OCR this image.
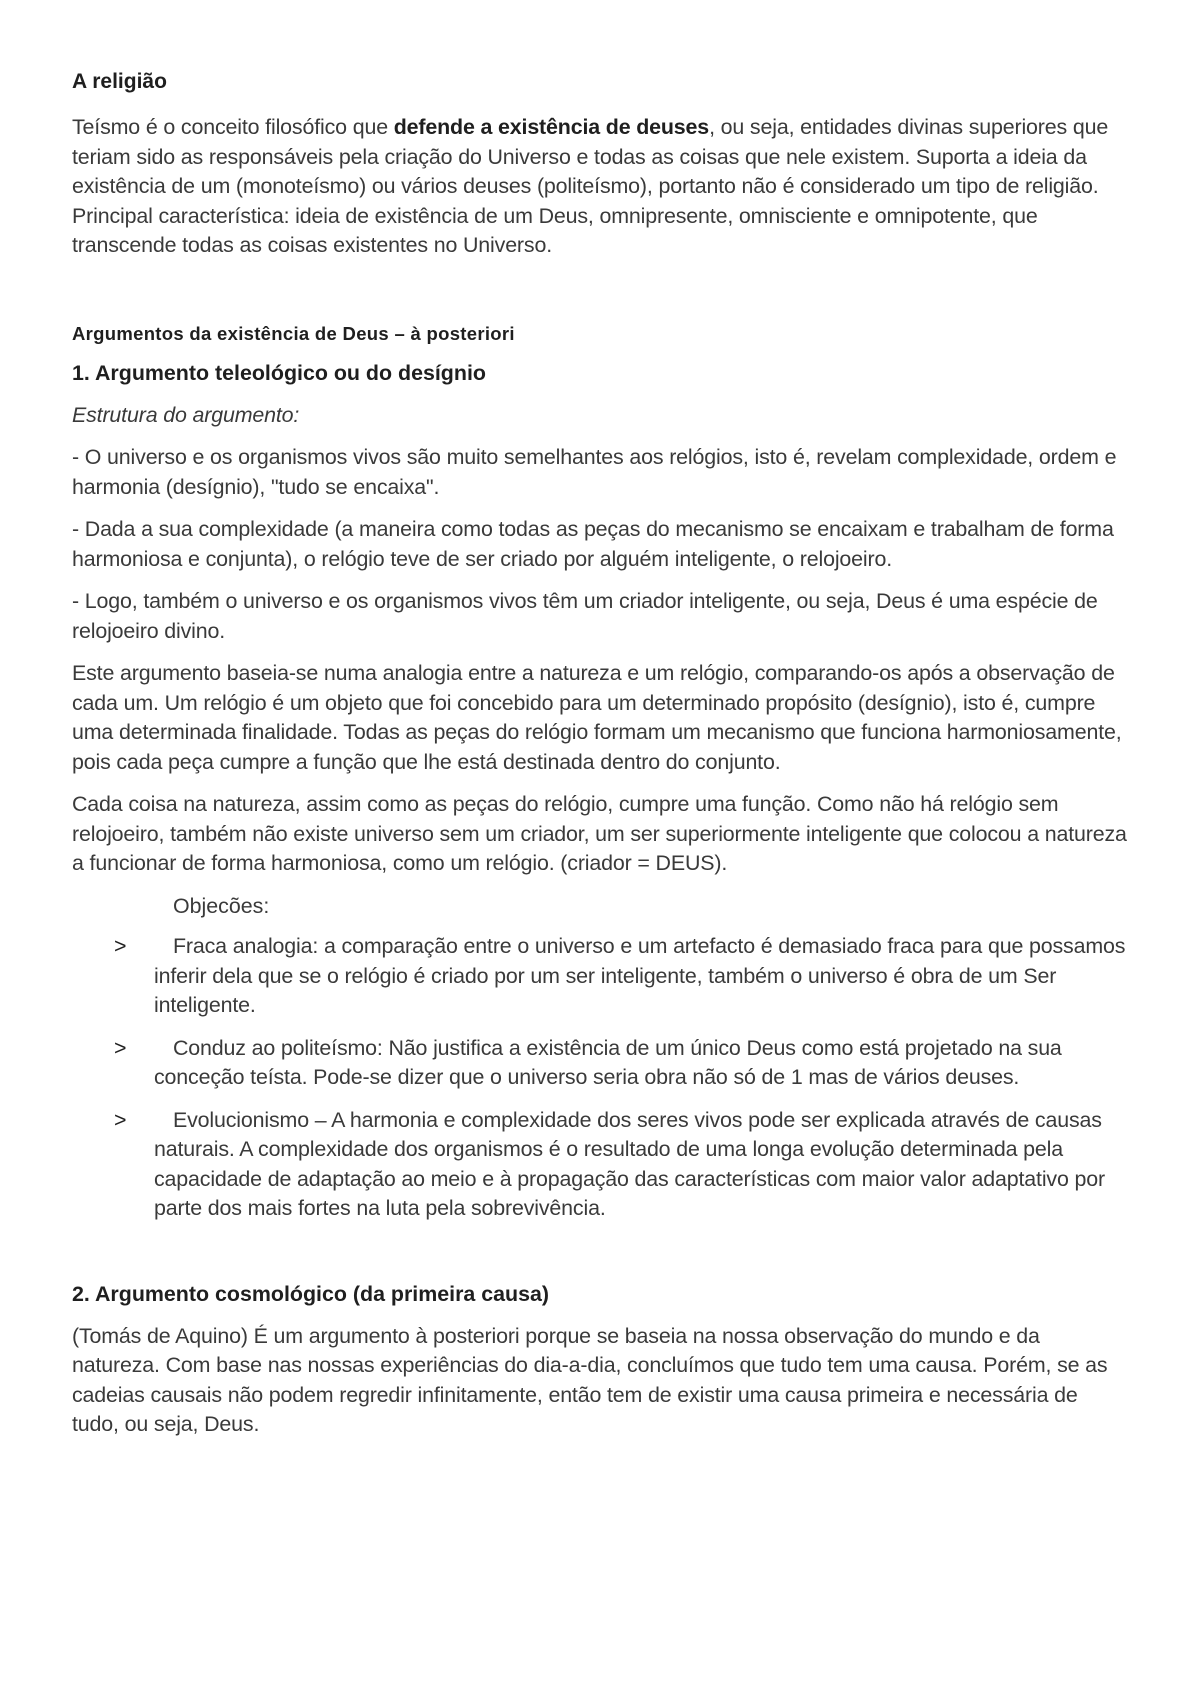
A religião

Teísmo é o conceito filosófico que defende a existência de deuses, ou seja, entidades divinas superiores que teriam sido as responsáveis pela criação do Universo e todas as coisas que nele existem. Suporta a ideia da existência de um (monoteísmo) ou vários deuses (politeísmo), portanto não é considerado um tipo de religião. Principal característica: ideia de existência de um Deus, omnipresente, omnisciente e omnipotente, que transcende todas as coisas existentes no Universo.

Argumentos da existência de Deus – à posteriori
1. Argumento teleológico ou do desígnio

Estrutura do argumento:

- O universo e os organismos vivos são muito semelhantes aos relógios, isto é, revelam complexidade, ordem e harmonia (desígnio), "tudo se encaixa".

- Dada a sua complexidade (a maneira como todas as peças do mecanismo se encaixam e trabalham de forma harmoniosa e conjunta), o relógio teve de ser criado por alguém inteligente, o relojoeiro.

- Logo, também o universo e os organismos vivos têm um criador inteligente, ou seja, Deus é uma espécie de relojoeiro divino.

Este argumento baseia-se numa analogia entre a natureza e um relógio, comparando-os após a observação de cada um. Um relógio é um objeto que foi concebido para um determinado propósito (desígnio), isto é, cumpre uma determinada finalidade. Todas as peças do relógio formam um mecanismo que funciona harmoniosamente, pois cada peça cumpre a função que lhe está destinada dentro do conjunto.

Cada coisa na natureza, assim como as peças do relógio, cumpre uma função. Como não há relógio sem relojoeiro, também não existe universo sem um criador, um ser superiormente inteligente que colocou a natureza a funcionar de forma harmoniosa, como um relógio. (criador = DEUS).

Objecões:

> Fraca analogia: a comparação entre o universo e um artefacto é demasiado fraca para que possamos inferir dela que se o relógio é criado por um ser inteligente, também o universo é obra de um Ser inteligente.
> Conduz ao politeísmo: Não justifica a existência de um único Deus como está projetado na sua conceção teísta. Pode-se dizer que o universo seria obra não só de 1 mas de vários deuses.
> Evolucionismo – A harmonia e complexidade dos seres vivos pode ser explicada através de causas naturais. A complexidade dos organismos é o resultado de uma longa evolução determinada pela capacidade de adaptação ao meio e à propagação das características com maior valor adaptativo por parte dos mais fortes na luta pela sobrevivência.
2. Argumento cosmológico (da primeira causa)

(Tomás de Aquino) É um argumento à posteriori porque se baseia na nossa observação do mundo e da natureza. Com base nas nossas experiências do dia-a-dia, concluímos que tudo tem uma causa. Porém, se as cadeias causais não podem regredir infinitamente, então tem de existir uma causa primeira e necessária de tudo, ou seja, Deus.
